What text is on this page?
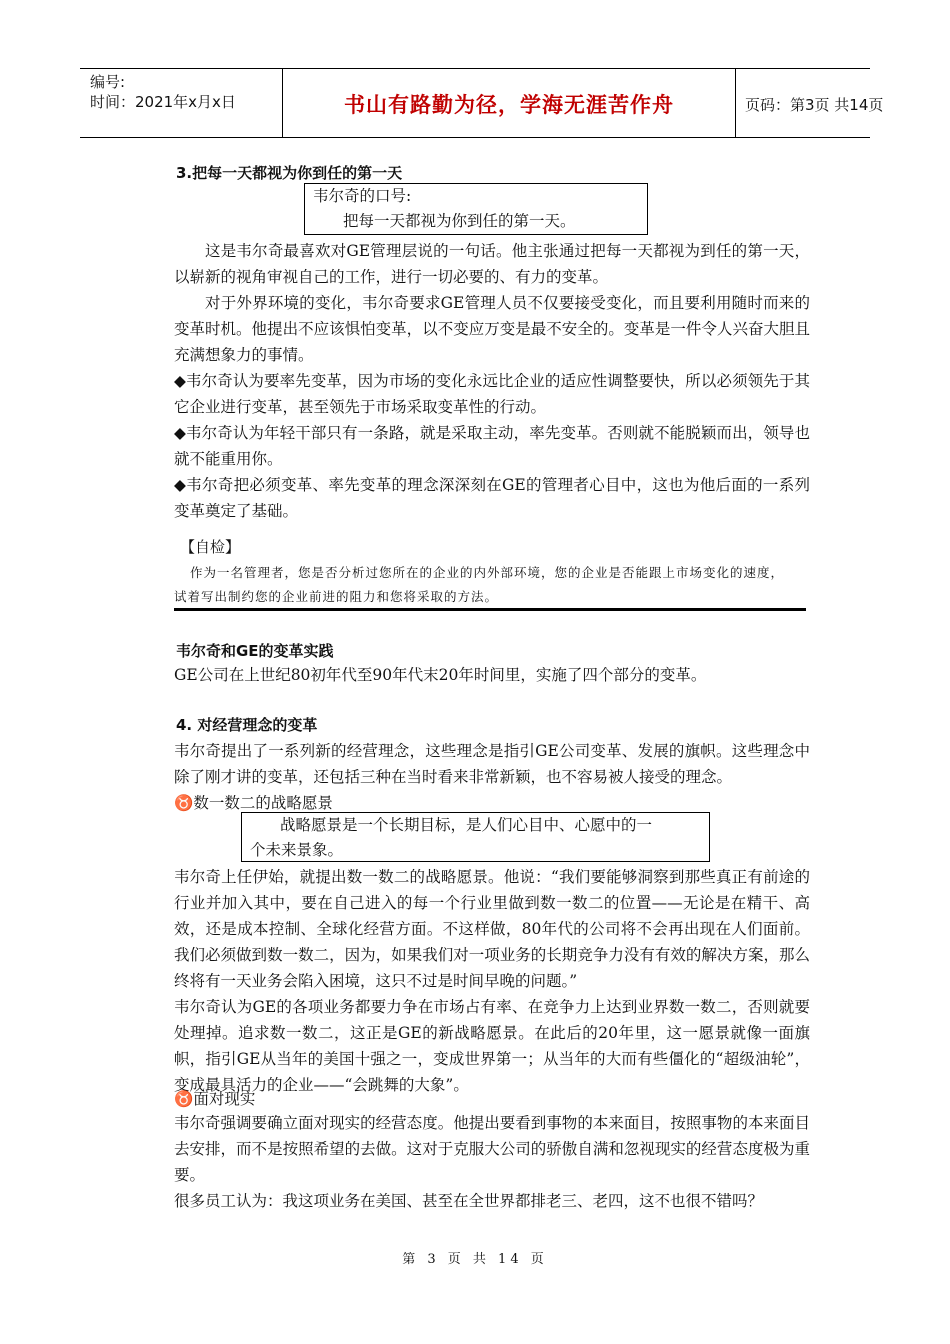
编号:
时间：2021年x月x日	书山有路勤为径，学海无涯苦作舟	页码：第3页 共14页
3.把每一天都视为你到任的第一天
韦尔奇的口号:
把每一天都视为你到任的第一天。
这是韦尔奇最喜欢对GE管理层说的一句话。他主张通过把每一天都视为到任的第一天，以崭新的视角审视自己的工作，进行一切必要的、有力的变革。
对于外界环境的变化，韦尔奇要求GE管理人员不仅要接受变化，而且要利用随时而来的变革时机。他提出不应该惧怕变革，以不变应万变是最不安全的。变革是一件令人兴奋大胆且充满想象力的事情。
◆韦尔奇认为要率先变革，因为市场的变化永远比企业的适应性调整要快，所以必须领先于其它企业进行变革，甚至领先于市场采取变革性的行动。
◆韦尔奇认为年轻干部只有一条路，就是采取主动，率先变革。否则就不能脱颖而出，领导也就不能重用你。
◆韦尔奇把必须变革、率先变革的理念深深刻在GE的管理者心目中，这也为他后面的一系列变革奠定了基础。
【自检】
作为一名管理者，您是否分析过您所在的企业的内外部环境，您的企业是否能跟上市场变化的速度，
试着写出制约您的企业前进的阻力和您将采取的方法。
韦尔奇和GE的变革实践
GE公司在上世纪80初年代至90年代末20年时间里，实施了四个部分的变革。
4. 对经营理念的变革
韦尔奇提出了一系列新的经营理念，这些理念是指引GE公司变革、发展的旗帜。这些理念中除了刚才讲的变革，还包括三种在当时看来非常新颖，也不容易被人接受的理念。
♉数一数二的战略愿景
战略愿景是一个长期目标，是人们心目中、心愿中的一
个未来景象。
韦尔奇上任伊始，就提出数一数二的战略愿景。他说：“我们要能够洞察到那些真正有前途的行业并加入其中，要在自己进入的每一个行业里做到数一数二的位置——无论是在精干、高效，还是成本控制、全球化经营方面。不这样做，80年代的公司将不会再出现在人们面前。我们必须做到数一数二，因为，如果我们对一项业务的长期竞争力没有有效的解决方案，那么终将有一天业务会陷入困境，这只不过是时间早晚的问题。”
韦尔奇认为GE的各项业务都要力争在市场占有率、在竞争力上达到业界数一数二，否则就要处理掉。追求数一数二，这正是GE的新战略愿景。在此后的20年里，这一愿景就像一面旗帜，指引GE从当年的美国十强之一，变成世界第一；从当年的大而有些僵化的“超级油轮”，变成最具活力的企业——“会跳舞的大象”。
♉面对现实
韦尔奇强调要确立面对现实的经营态度。他提出要看到事物的本来面目，按照事物的本来面目去安排，而不是按照希望的去做。这对于克服大公司的骄傲自满和忽视现实的经营态度极为重要。
很多员工认为：我这项业务在美国、甚至在全世界都排老三、老四，这不也很不错吗？
第 3 页 共 14 页
